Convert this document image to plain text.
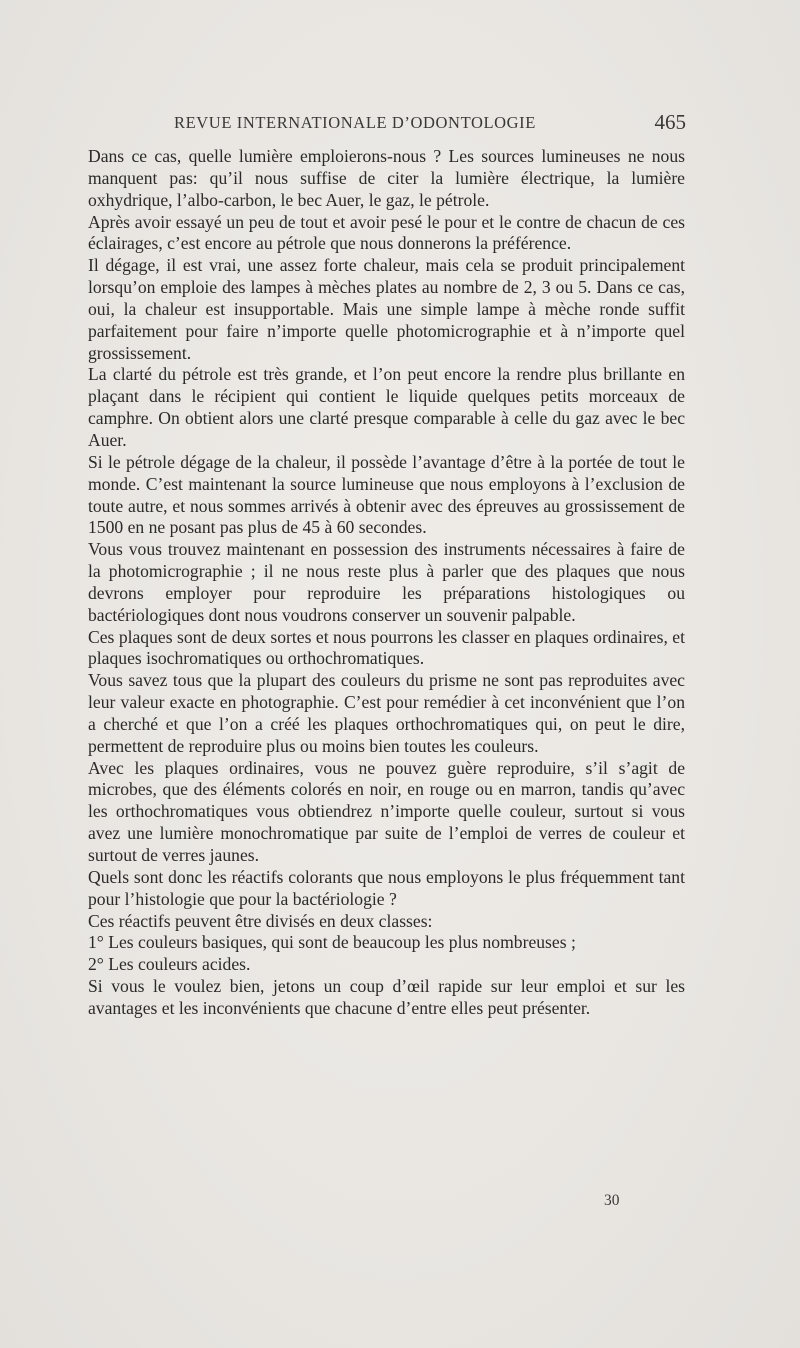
REVUE INTERNATIONALE D’ODONTOLOGIE	465

Dans ce cas, quelle lumière emploierons-nous ? Les sources lumineuses ne nous manquent pas: qu’il nous suffise de citer la lumière électrique, la lumière oxhydrique, l’albo-carbon, le bec Auer, le gaz, le pétrole.

Après avoir essayé un peu de tout et avoir pesé le pour et le contre de chacun de ces éclairages, c’est encore au pétrole que nous donnerons la préférence.

Il dégage, il est vrai, une assez forte chaleur, mais cela se produit principalement lorsqu’on emploie des lampes à mèches plates au nombre de 2, 3 ou 5. Dans ce cas, oui, la chaleur est insupportable. Mais une simple lampe à mèche ronde suffit parfaitement pour faire n’importe quelle photomicrographie et à n’importe quel grossissement.

La clarté du pétrole est très grande, et l’on peut encore la rendre plus brillante en plaçant dans le récipient qui contient le liquide quelques petits morceaux de camphre. On obtient alors une clarté presque comparable à celle du gaz avec le bec Auer.

Si le pétrole dégage de la chaleur, il possède l’avantage d’être à la portée de tout le monde. C’est maintenant la source lumineuse que nous employons à l’exclusion de toute autre, et nous sommes arrivés à obtenir avec des épreuves au grossissement de 1500 en ne posant pas plus de 45 à 60 secondes.

Vous vous trouvez maintenant en possession des instruments nécessaires à faire de la photomicrographie ; il ne nous reste plus à parler que des plaques que nous devrons employer pour reproduire les préparations histologiques ou bactériologiques dont nous voudrons conserver un souvenir palpable.

Ces plaques sont de deux sortes et nous pourrons les classer en plaques ordinaires, et plaques isochromatiques ou orthochromatiques.

Vous savez tous que la plupart des couleurs du prisme ne sont pas reproduites avec leur valeur exacte en photographie. C’est pour remédier à cet inconvénient que l’on a cherché et que l’on a créé les plaques orthochromatiques qui, on peut le dire, permettent de reproduire plus ou moins bien toutes les couleurs.

Avec les plaques ordinaires, vous ne pouvez guère reproduire, s’il s’agit de microbes, que des éléments colorés en noir, en rouge ou en marron, tandis qu’avec les orthochromatiques vous obtiendrez n’importe quelle couleur, surtout si vous avez une lumière monochromatique par suite de l’emploi de verres de couleur et surtout de verres jaunes.

Quels sont donc les réactifs colorants que nous employons le plus fréquemment tant pour l’histologie que pour la bactériologie ?

Ces réactifs peuvent être divisés en deux classes:

1° Les couleurs basiques, qui sont de beaucoup les plus nombreuses ;

2° Les couleurs acides.

Si vous le voulez bien, jetons un coup d’œil rapide sur leur emploi et sur les avantages et les inconvénients que chacune d’entre elles peut présenter.

30
